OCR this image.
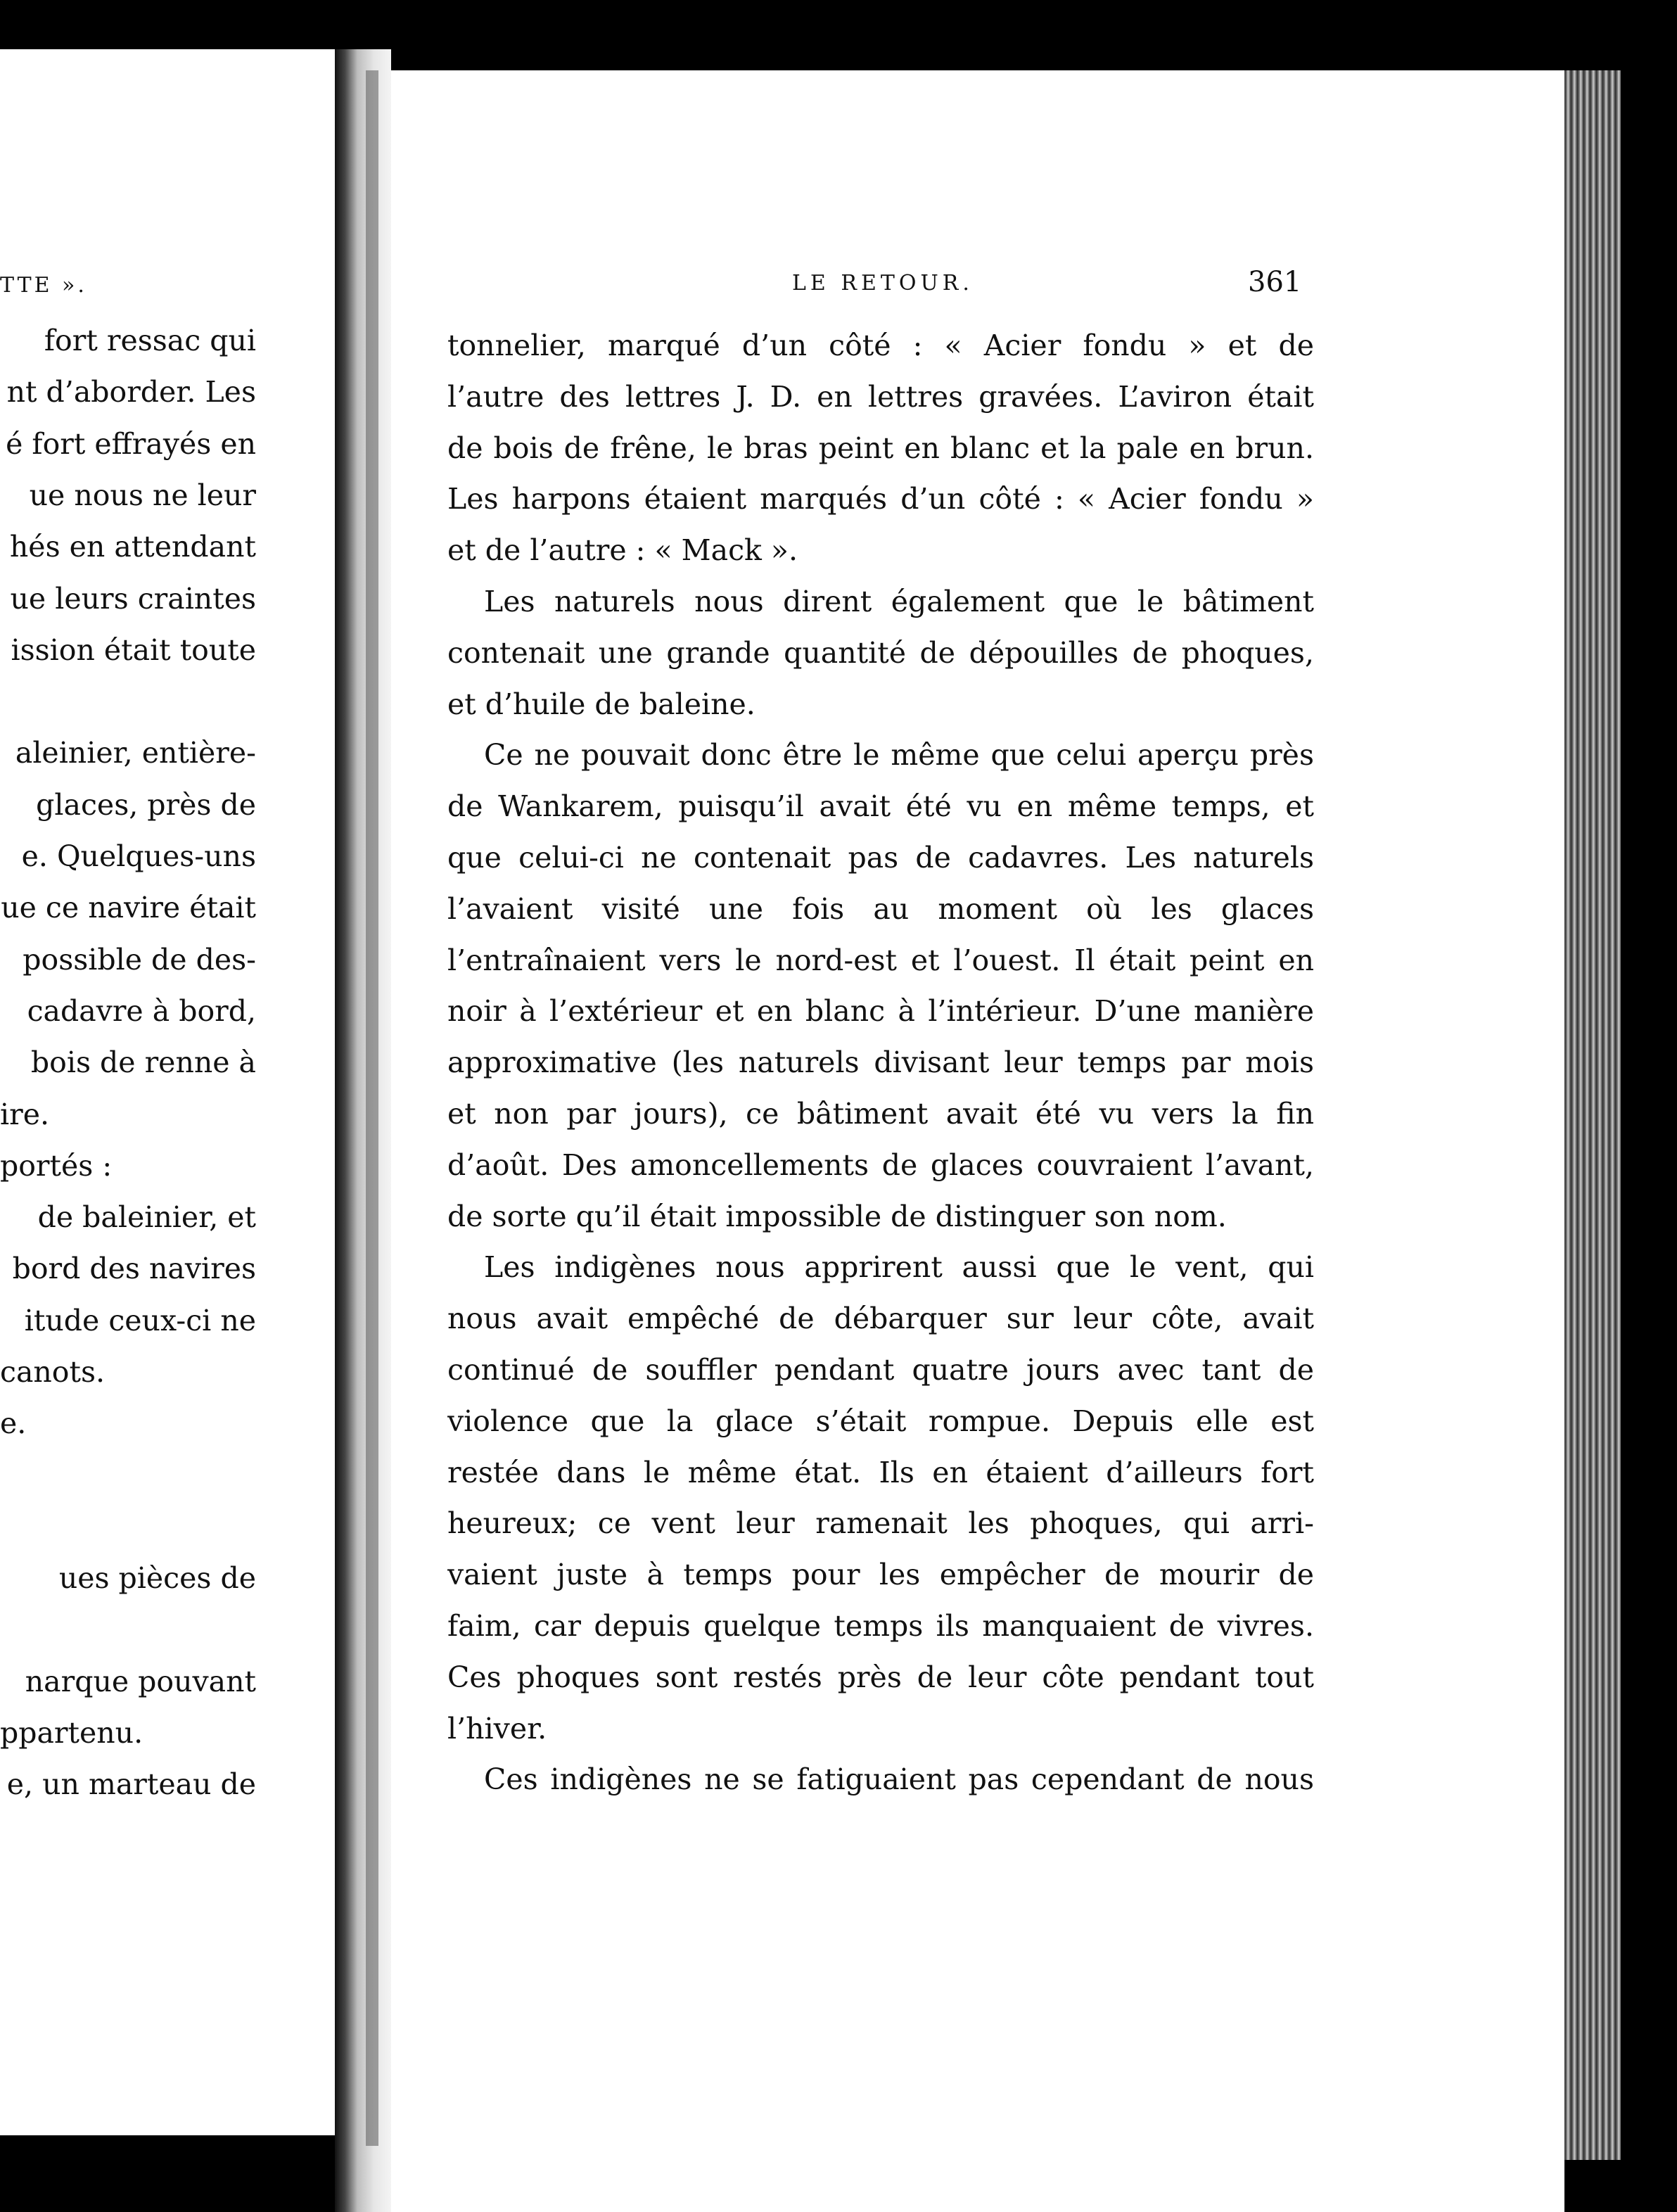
TTE ».
fort ressac qui
nt d’aborder. Les
é fort effrayés en
ue nous ne leur
hés en attendant
ue leurs craintes
ission était toute
aleinier, entière-
glaces, près de
e. Quelques-uns
ue ce navire était
possible de des-
cadavre à bord,
bois de renne à
ire.
portés :
de baleinier, et
bord des navires
itude ceux-ci ne
canots.
e.
ues pièces de
narque pouvant
ppartenu.
e, un marteau de
LE RETOUR.	361
tonnelier, marqué d’un côté : « Acier fondu » et de
l’autre des lettres J. D. en lettres gravées. L’aviron était
de bois de frêne, le bras peint en blanc et la pale en brun.
Les harpons étaient marqués d’un côté : « Acier fondu »
et de l’autre : « Mack ».
Les naturels nous dirent également que le bâtiment
contenait une grande quantité de dépouilles de phoques,
et d’huile de baleine.
Ce ne pouvait donc être le même que celui aperçu près
de Wankarem, puisqu’il avait été vu en même temps, et
que celui-ci ne contenait pas de cadavres. Les naturels
l’avaient visité une fois au moment où les glaces
l’entraînaient vers le nord-est et l’ouest. Il était peint en
noir à l’extérieur et en blanc à l’intérieur. D’une manière
approximative (les naturels divisant leur temps par mois
et non par jours), ce bâtiment avait été vu vers la fin
d’août. Des amoncellements de glaces couvraient l’avant,
de sorte qu’il était impossible de distinguer son nom.
Les indigènes nous apprirent aussi que le vent, qui
nous avait empêché de débarquer sur leur côte, avait
continué de souffler pendant quatre jours avec tant de
violence que la glace s’était rompue. Depuis elle est
restée dans le même état. Ils en étaient d’ailleurs fort
heureux; ce vent leur ramenait les phoques, qui arri-
vaient juste à temps pour les empêcher de mourir de
faim, car depuis quelque temps ils manquaient de vivres.
Ces phoques sont restés près de leur côte pendant tout
l’hiver.
Ces indigènes ne se fatiguaient pas cependant de nous
